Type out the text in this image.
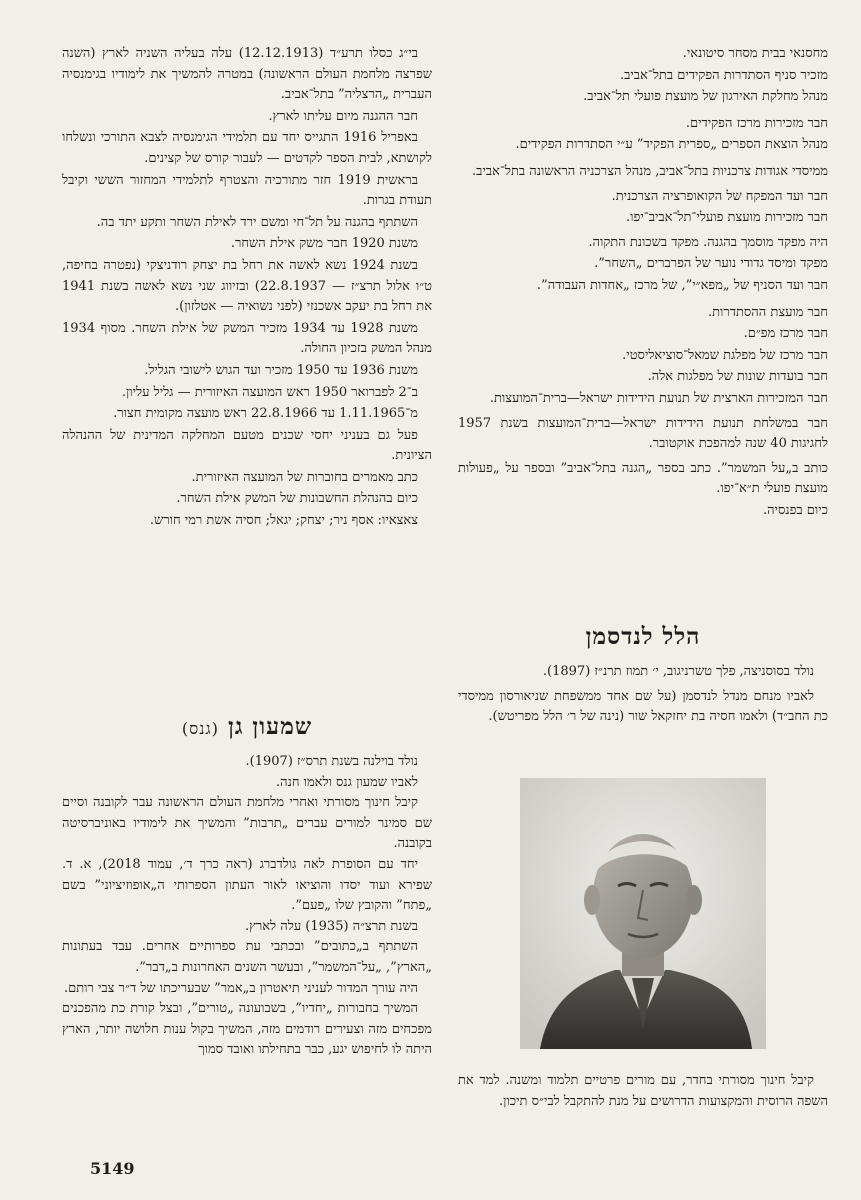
מחסנאי בבית מסחר סיטונאי.

מזכיר סניף הסתדרות הפקידים בתל־אביב.

מנהל מחלקת האירגון של מועצת פועלי תל־אביב.

חבר מזכירות מרכז הפקידים.

מנהל הוצאת הספרים „ספרית הפקיד” ע״י הסתדרות הפקידים.

ממיסדי אגודות צרכניות בתל־אביב, מנהל הצרכניה הראשונה בתל־אביב.

חבר ועד המפקח של הקואופרציה הצרכנית.

חבר מזכירות מועצת פועלי־תל־אביב־יפו.

היה מפקד מוסמך בהגנה. מפקד בשכונת התקוה.

מפקד ומיסד גדודי נוער של הפרברים „השחר”.

חבר ועד הסניף של „מפא״י”, של מרכז „אחדות העבודה”.

חבר מועצת ההסתדרות.

חבר מרכז מפ״ם.

חבר מרכז של מפלגת שמאל־סוציאליסטי.

חבר בועדות שונות של מפלגות אלה.

חבר המזכירות הארצית של תנועת הידידות ישראל—ברית־המועצות.

חבר במשלחת תנועת הידידות ישראל—ברית־המועצות בשנת 1957 לחגיגות 40 שנה למהפכת אוקטובר.

כותב ב„על המשמר”. כתב בספר „הגנה בתל־אביב” ובספר על „פעולות מועצת פועלי ת״א־יפו.

כיום בפנסיה.

הלל לנדסמן

נולד בסוסניצה, פלך טשרניגוב, י׳ תמוז תרנ״ז (1897).

לאביו מנחם מנדל לנדסמן (על שם אחד ממשפחת שניאורסון ממיסדי כת החב״ד) ולאמו חסיה בת יחזקאל שור (נינה של ר׳ הלל מפריטש).

קיבל חינוך מסורתי בחדר, עם מורים פרטיים תלמוד ומשנה. למד את השפה הרוסית והמקצועות הדרושים על מנת להתקבל לבי״ס תיכון.

בי״ג כסלו תרע״ד (12.12.1913) עלה בעליה השניה לארץ (השנה שפרצה מלחמת העולם הראשונה) במטרה להמשיך את לימודיו בגימנסיה העברית „הרצליה” בתל־אביב.

חבר ההגנה מיום עליתו לארץ.

באפריל 1916 התגייס יחד עם תלמידי הגימנסיה לצבא התורכי ונשלחו לקושתא, לבית הספר לקדטים — לעבור קורס של קצינים.

בראשית 1919 חזר מתורכיה והצטרף לתלמידי המחזור הששי וקיבל תעודת בגרות.

השתתף בהגנה על תל־חי ומשם ירד לאילת השחר ותקע יתד בה.

משנת 1920 חבר משק אילת השחר.

בשנת 1924 נשא לאשה את רחל בת יצחק רודניצקי (נפטרה בחיפה, ט״ו אלול תרצ״ז — 22.8.1937) ובזיווג שני נשא לאשה בשנת 1941 את רחל בת יעקב אשכנזי (לפני נשואיה — אטלזון).

משנת 1928 עד 1934 מזכיר המשק של אילת השחר. מסוף 1934 מנהל המשק בזכיון החולה.

משנת 1936 עד 1950 מזכיר ועד הגוש לישובי הגליל.

ב־2 לפברואר 1950 ראש המועצה האיזורית — גליל עליון.

מ־1.11.1965 עד 22.8.1966 ראש מועצה מקומית חצור.

פעל גם בעניני יחסי שכנים מטעם המחלקה המדינית של ההנהלה הציונית.

כתב מאמרים בחוברות של המועצה האיזורית.

כיום בהנהלת החשבונות של המשק אילת השחר.

צאצאיו: אסף ניר; יצחק; יגאל; חסיה אשת רמי חורש.

שמעון גן (גנס)

נולד בוילנה בשנת תרס״ז (1907).

לאביו שמעון גנס ולאמו חנה.

קיבל חינוך מסורתי ואחרי מלחמת העולם הראשונה עבר לקובנה וסיים שם סמינר למורים עברים „תרבות” והמשיך את לימודיו באוניברסיטה בקובנה.

יחד עם הסופרת לאה גולדברג (ראה כרך ד׳, עמוד 2018), א. ד. שפירא ועוד יסדו והוציאו לאור העתון הספרותי ה„אופוזיציוני” בשם „פתח” והקובץ שלו „פעם”.

בשנת תרצ״ה (1935) עלה לארץ.

השתתף ב„כתובים” ובכתבי עת ספרותיים אחרים. עבד בעתונות „הארץ”, „על־המשמר”, ובעשר השנים האחרונות ב„דבר”.

היה עורך המדור לעניני תיאטרון ב„אמר” שבעריכתו של ד״ר צבי רותם.

המשיך בחבורות „יחדיו”, בשבועונה „טורים”, ובצל קורת כת מהפכנים מפכחים מזה וצעירים רודמים מזה, המשיך בקול ענות חלושה יותר, הארץ היתה לו לחיפוש יגע, כבר בתחילתו ואובד סמוך

5149
